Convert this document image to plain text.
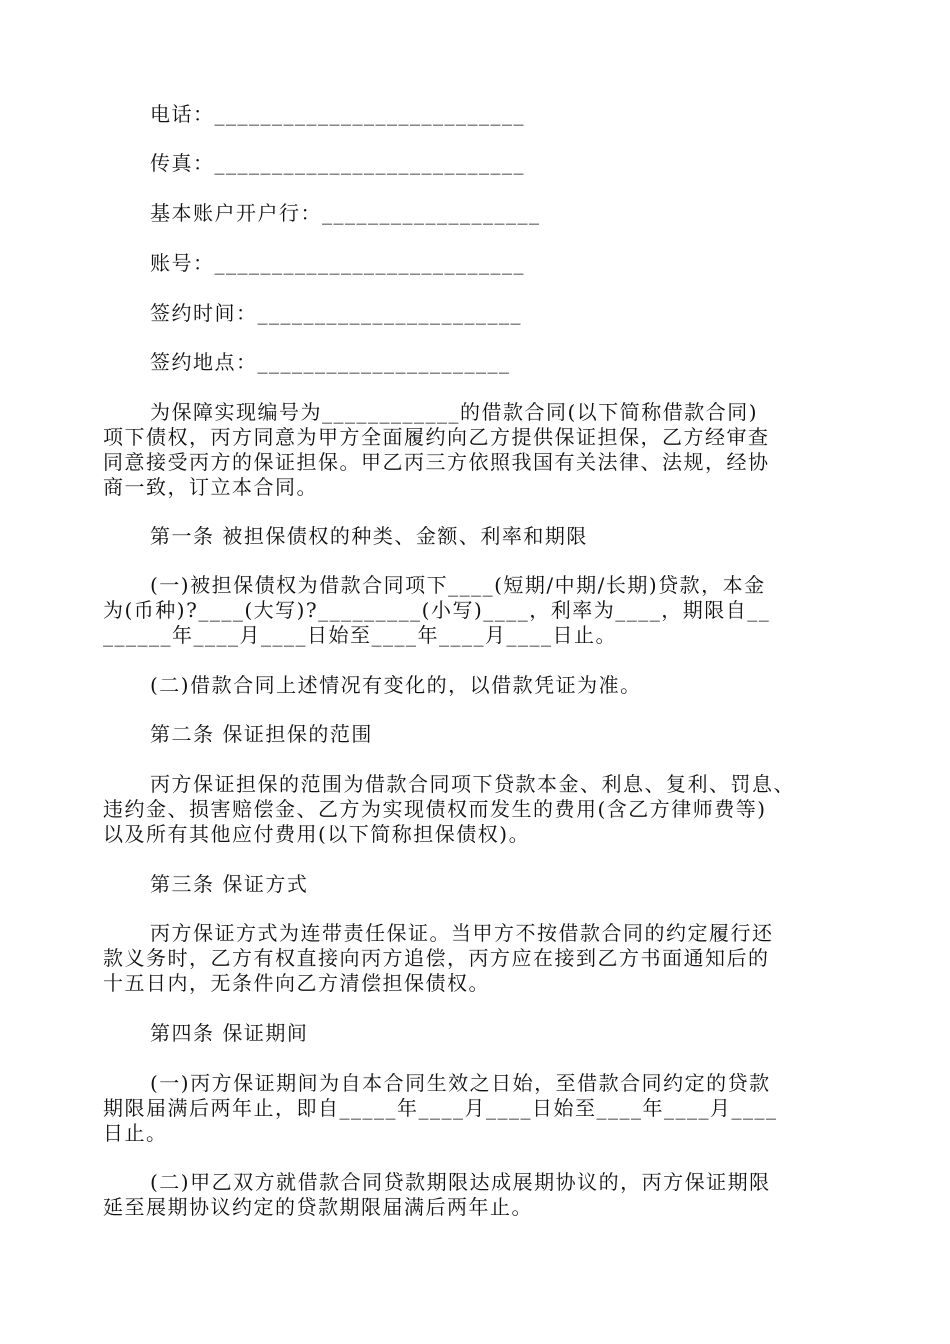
电话：___________________________
传真：___________________________
基本账户开户行：___________________
账号：___________________________
签约时间：_______________________
签约地点：______________________
为保障实现编号为____________的借款合同(以下简称借款合同)
项下债权，丙方同意为甲方全面履约向乙方提供保证担保，乙方经审查
同意接受丙方的保证担保。甲乙丙三方依照我国有关法律、法规，经协
商一致，订立本合同。
第一条 被担保债权的种类、金额、利率和期限
(一)被担保债权为借款合同项下____(短期/中期/长期)贷款，本金
为(币种)?____(大写)?_________(小写)____，利率为____，期限自__
______年____月____日始至____年____月____日止。
(二)借款合同上述情况有变化的，以借款凭证为准。
第二条 保证担保的范围
丙方保证担保的范围为借款合同项下贷款本金、利息、复利、罚息、
违约金、损害赔偿金、乙方为实现债权而发生的费用(含乙方律师费等)
以及所有其他应付费用(以下简称担保债权)。
第三条 保证方式
丙方保证方式为连带责任保证。当甲方不按借款合同的约定履行还
款义务时，乙方有权直接向丙方追偿，丙方应在接到乙方书面通知后的
十五日内，无条件向乙方清偿担保债权。
第四条 保证期间
(一)丙方保证期间为自本合同生效之日始，至借款合同约定的贷款
期限届满后两年止，即自_____年____月____日始至____年____月____
日止。
(二)甲乙双方就借款合同贷款期限达成展期协议的，丙方保证期限
延至展期协议约定的贷款期限届满后两年止。
